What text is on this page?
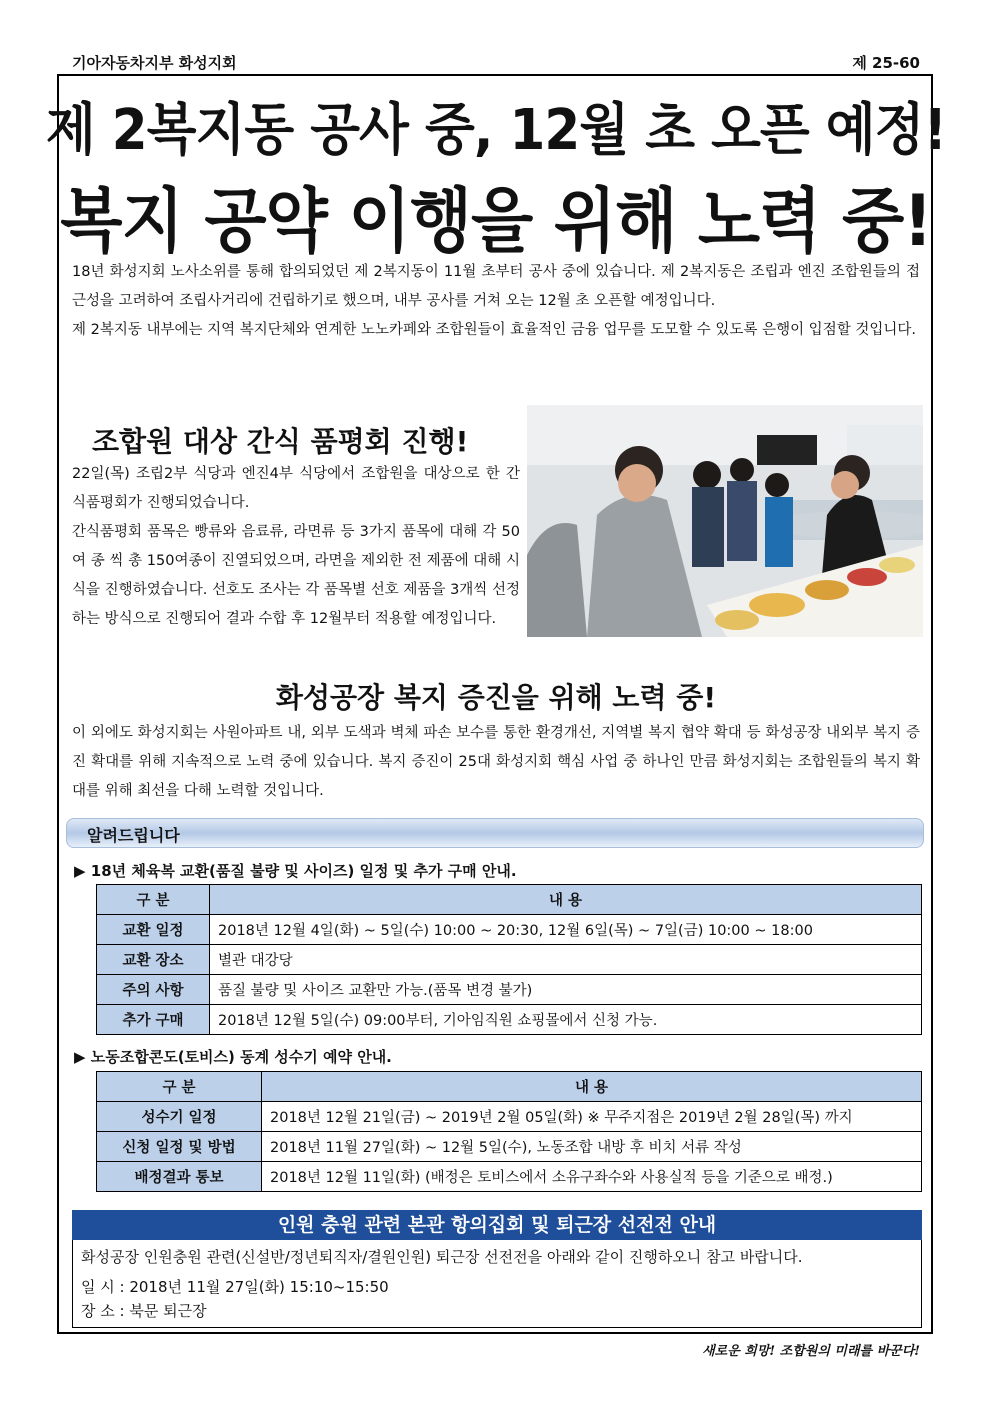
기아자동차지부 화성지회	제 25-60
제 2복지동 공사 중, 12월 초 오픈 예정!
복지 공약 이행을 위해 노력 중!
18년 화성지회 노사소위를 통해 합의되었던 제 2복지동이 11월 초부터 공사 중에 있습니다. 제 2복지동은 조립과 엔진 조합원들의 접근성을 고려하여 조립사거리에 건립하기로 했으며, 내부 공사를 거쳐 오는 12월 초 오픈할 예정입니다.
제 2복지동 내부에는 지역 복지단체와 연계한 노노카페와 조합원들이 효율적인 금융 업무를 도모할 수 있도록 은행이 입점할 것입니다.
조합원 대상 간식 품평회 진행!
22일(목) 조립2부 식당과 엔진4부 식당에서 조합원을 대상으로 한 간식품평회가 진행되었습니다.
간식품평회 품목은 빵류와 음료류, 라면류 등 3가지 품목에 대해 각 50여 종 씩 총 150여종이 진열되었으며, 라면을 제외한 전 제품에 대해 시식을 진행하였습니다. 선호도 조사는 각 품목별 선호 제품을 3개씩 선정하는 방식으로 진행되어 결과 수합 후 12월부터 적용할 예정입니다.
화성공장 복지 증진을 위해 노력 중!
이 외에도 화성지회는 사원아파트 내, 외부 도색과 벽체 파손 보수를 통한 환경개선, 지역별 복지 협약 확대 등 화성공장 내외부 복지 증진 확대를 위해 지속적으로 노력 중에 있습니다. 복지 증진이 25대 화성지회 핵심 사업 중 하나인 만큼 화성지회는 조합원들의 복지 확대를 위해 최선을 다해 노력할 것입니다.
알려드립니다
▶ 18년 체육복 교환(품질 불량 및 사이즈) 일정 및 추가 구매 안내.
구 분	내 용
교환 일정	2018년 12월 4일(화) ~ 5일(수) 10:00 ~ 20:30, 12월 6일(목) ~ 7일(금) 10:00 ~ 18:00
교환 장소	별관 대강당
주의 사항	품질 불량 및 사이즈 교환만 가능.(품목 변경 불가)
추가 구매	2018년 12월 5일(수) 09:00부터, 기아임직원 쇼핑몰에서 신청 가능.
▶ 노동조합콘도(토비스) 동계 성수기 예약 안내.
구 분	내 용
성수기 일정	2018년 12월 21일(금) ~ 2019년 2월 05일(화) ※ 무주지점은 2019년 2월 28일(목) 까지
신청 일정 및 방법	2018년 11월 27일(화) ~ 12월 5일(수), 노동조합 내방 후 비치 서류 작성
배정결과 통보	2018년 12월 11일(화) (배정은 토비스에서 소유구좌수와 사용실적 등을 기준으로 배정.)
인원 충원 관련 본관 항의집회 및 퇴근장 선전전 안내
화성공장 인원충원 관련(신설반/정년퇴직자/결원인원) 퇴근장 선전전을 아래와 같이 진행하오니 참고 바랍니다.
일 시 : 2018년 11월 27일(화) 15:10~15:50
장 소 : 북문 퇴근장
새로운 희망! 조합원의 미래를 바꾼다!
